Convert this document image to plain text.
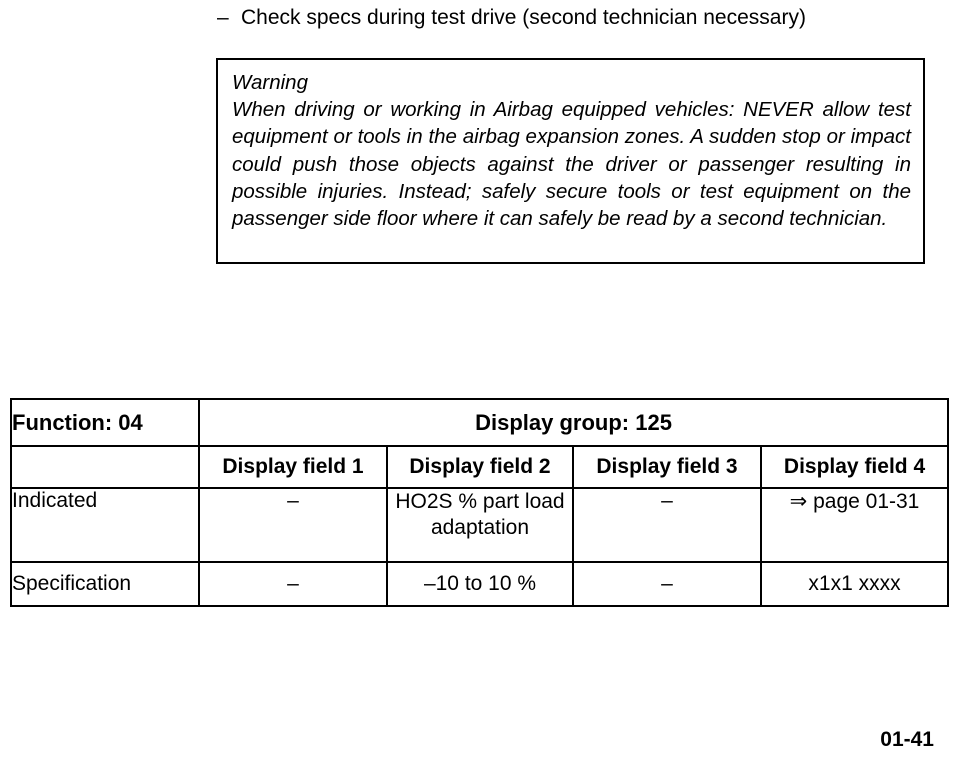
– Check specs during test drive (second technician necessary)
Warning
When driving or working in Airbag equipped vehicles: NEVER allow test equipment or tools in the airbag expansion zones. A sudden stop or impact could push those objects against the driver or passenger resulting in possible injuries. Instead; safely secure tools or test equipment on the passenger side floor where it can safely be read by a second technician.
Function: 04	Display group: 125			
	Display field 1	Display field 2	Display field 3	Display field 4
Indicated	–	HO2S % part load adaptation	–	⇒ page 01-31
Specification	–	–10 to 10 %	–	x1x1 xxxx
01-41
